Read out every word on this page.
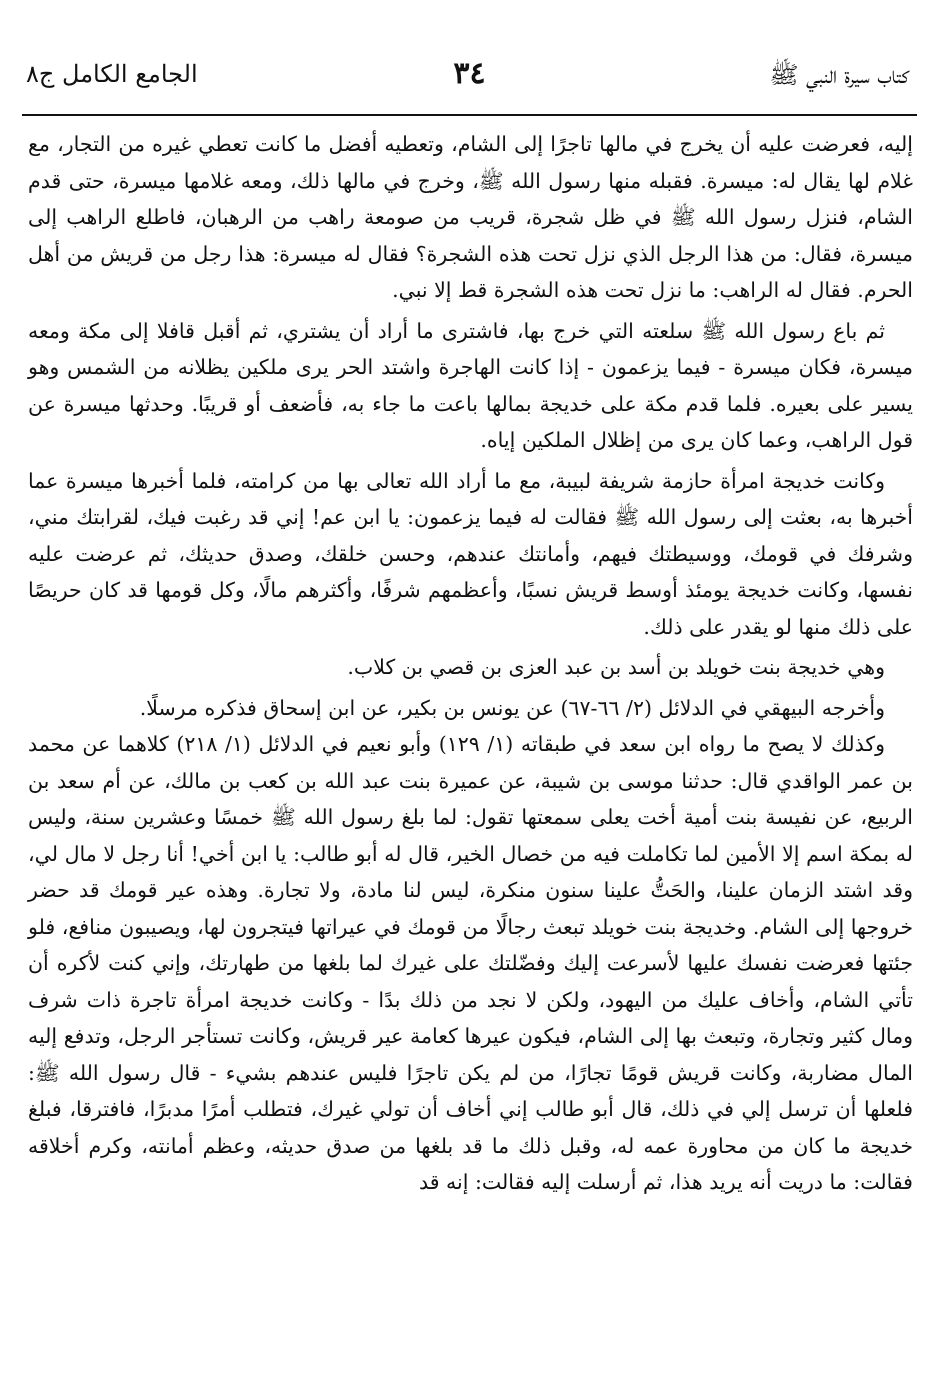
كتاب سيرة النبي ﷺ
٣٤
الجامع الكامل ج٨

إليه، فعرضت عليه أن يخرج في مالها تاجرًا إلى الشام، وتعطيه أفضل ما كانت تعطي غيره من التجار، مع غلام لها يقال له: ميسرة. فقبله منها رسول الله ﷺ، وخرج في مالها ذلك، ومعه غلامها ميسرة، حتى قدم الشام، فنزل رسول الله ﷺ في ظل شجرة، قريب من صومعة راهب من الرهبان، فاطلع الراهب إلى ميسرة، فقال: من هذا الرجل الذي نزل تحت هذه الشجرة؟ فقال له ميسرة: هذا رجل من قريش من أهل الحرم. فقال له الراهب: ما نزل تحت هذه الشجرة قط إلا نبي.

ثم باع رسول الله ﷺ سلعته التي خرج بها، فاشترى ما أراد أن يشتري، ثم أقبل قافلا إلى مكة ومعه ميسرة، فكان ميسرة - فيما يزعمون - إذا كانت الهاجرة واشتد الحر يرى ملكين يظلانه من الشمس وهو يسير على بعيره. فلما قدم مكة على خديجة بمالها باعت ما جاء به، فأضعف أو قريبًا. وحدثها ميسرة عن قول الراهب، وعما كان يرى من إظلال الملكين إياه.

وكانت خديجة امرأة حازمة شريفة لبيبة، مع ما أراد الله تعالى بها من كرامته، فلما أخبرها ميسرة عما أخبرها به، بعثت إلى رسول الله ﷺ فقالت له فيما يزعمون: يا ابن عم! إني قد رغبت فيك، لقرابتك مني، وشرفك في قومك، ووسيطتك فيهم، وأمانتك عندهم، وحسن خلقك، وصدق حديثك، ثم عرضت عليه نفسها، وكانت خديجة يومئذ أوسط قريش نسبًا، وأعظمهم شرفًا، وأكثرهم مالًا، وكل قومها قد كان حريصًا على ذلك منها لو يقدر على ذلك.

وهي خديجة بنت خويلد بن أسد بن عبد العزى بن قصي بن كلاب.

وأخرجه البيهقي في الدلائل (٢/ ٦٦-٦٧) عن يونس بن بكير، عن ابن إسحاق فذكره مرسلًا.

وكذلك لا يصح ما رواه ابن سعد في طبقاته (١/ ١٢٩) وأبو نعيم في الدلائل (١/ ٢١٨) كلاهما عن محمد بن عمر الواقدي قال: حدثنا موسى بن شيبة، عن عميرة بنت عبد الله بن كعب بن مالك، عن أم سعد بن الربيع، عن نفيسة بنت أمية أخت يعلى سمعتها تقول: لما بلغ رسول الله ﷺ خمسًا وعشرين سنة، وليس له بمكة اسم إلا الأمين لما تكاملت فيه من خصال الخير، قال له أبو طالب: يا ابن أخي! أنا رجل لا مال لي، وقد اشتد الزمان علينا، والحَتُّ علينا سنون منكرة، ليس لنا مادة، ولا تجارة. وهذه عير قومك قد حضر خروجها إلى الشام. وخديجة بنت خويلد تبعث رجالًا من قومك في عيراتها فيتجرون لها، ويصيبون منافع، فلو جئتها فعرضت نفسك عليها لأسرعت إليك وفضّلتك على غيرك لما بلغها من طهارتك، وإني كنت لأكره أن تأتي الشام، وأخاف عليك من اليهود، ولكن لا نجد من ذلك بدًا - وكانت خديجة امرأة تاجرة ذات شرف ومال كثير وتجارة، وتبعث بها إلى الشام، فيكون عيرها كعامة عير قريش، وكانت تستأجر الرجل، وتدفع إليه المال مضاربة، وكانت قريش قومًا تجارًا، من لم يكن تاجرًا فليس عندهم بشيء - قال رسول الله ﷺ: فلعلها أن ترسل إلي في ذلك، قال أبو طالب إني أخاف أن تولي غيرك، فتطلب أمرًا مدبرًا، فافترقا، فبلغ خديجة ما كان من محاورة عمه له، وقبل ذلك ما قد بلغها من صدق حديثه، وعظم أمانته، وكرم أخلاقه فقالت: ما دريت أنه يريد هذا، ثم أرسلت إليه فقالت: إنه قد
